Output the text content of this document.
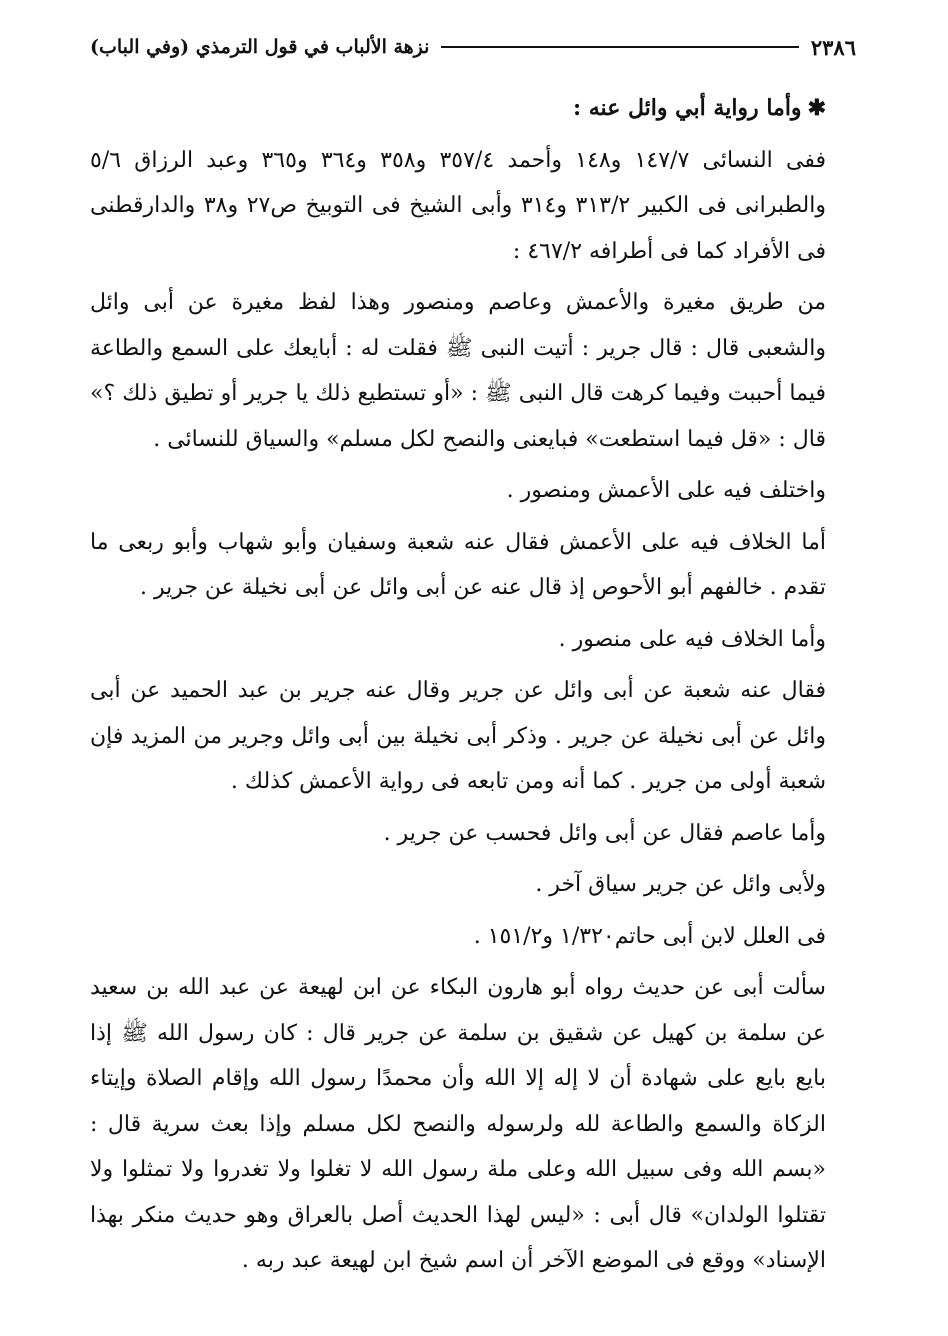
٢٣٨٦
نزهة الألباب في قول الترمذي (وفي الباب)

✱وأما رواية أبي وائل عنه :

ففى النسائى ١٤٧/٧ و١٤٨ وأحمد ٣٥٧/٤ و٣٥٨ و٣٦٤ و٣٦٥ وعبد الرزاق ٥/٦ والطبرانى فى الكبير ٣١٣/٢ و٣١٤ وأبى الشيخ فى التوبيخ ص٢٧ و٣٨ والدارقطنى فى الأفراد كما فى أطرافه ٤٦٧/٢ :

من طريق مغيرة والأعمش وعاصم ومنصور وهذا لفظ مغيرة عن أبى وائل والشعبى قال : قال جرير : أتيت النبى ﷺ فقلت له : أبايعك على السمع والطاعة فيما أحببت وفيما كرهت قال النبى ﷺ : «أو تستطيع ذلك يا جرير أو تطيق ذلك ؟» قال : «قل فيما استطعت» فبايعنى والنصح لكل مسلم» والسياق للنسائى .

واختلف فيه على الأعمش ومنصور .

أما الخلاف فيه على الأعمش فقال عنه شعبة وسفيان وأبو شهاب وأبو ربعى ما تقدم . خالفهم أبو الأحوص إذ قال عنه عن أبى وائل عن أبى نخيلة عن جرير .

وأما الخلاف فيه على منصور .

فقال عنه شعبة عن أبى وائل عن جرير وقال عنه جرير بن عبد الحميد عن أبى وائل عن أبى نخيلة عن جرير . وذكر أبى نخيلة بين أبى وائل وجرير من المزيد فإن شعبة أولى من جرير . كما أنه ومن تابعه فى رواية الأعمش كذلك .

وأما عاصم فقال عن أبى وائل فحسب عن جرير .

ولأبى وائل عن جرير سياق آخر .

فى العلل لابن أبى حاتم١/٣٢٠ و١٥١/٢ .

سألت أبى عن حديث رواه أبو هارون البكاء عن ابن لهيعة عن عبد الله بن سعيد عن سلمة بن كهيل عن شقيق بن سلمة عن جرير قال : كان رسول الله ﷺ إذا بايع بايع على شهادة أن لا إله إلا الله وأن محمدًا رسول الله وإقام الصلاة وإيتاء الزكاة والسمع والطاعة لله ولرسوله والنصح لكل مسلم وإذا بعث سرية قال : «بسم الله وفى سبيل الله وعلى ملة رسول الله لا تغلوا ولا تغدروا ولا تمثلوا ولا تقتلوا الولدان» قال أبى : «ليس لهذا الحديث أصل بالعراق وهو حديث منكر بهذا الإسناد» ووقع فى الموضع الآخر أن اسم شيخ ابن لهيعة عبد ربه .
